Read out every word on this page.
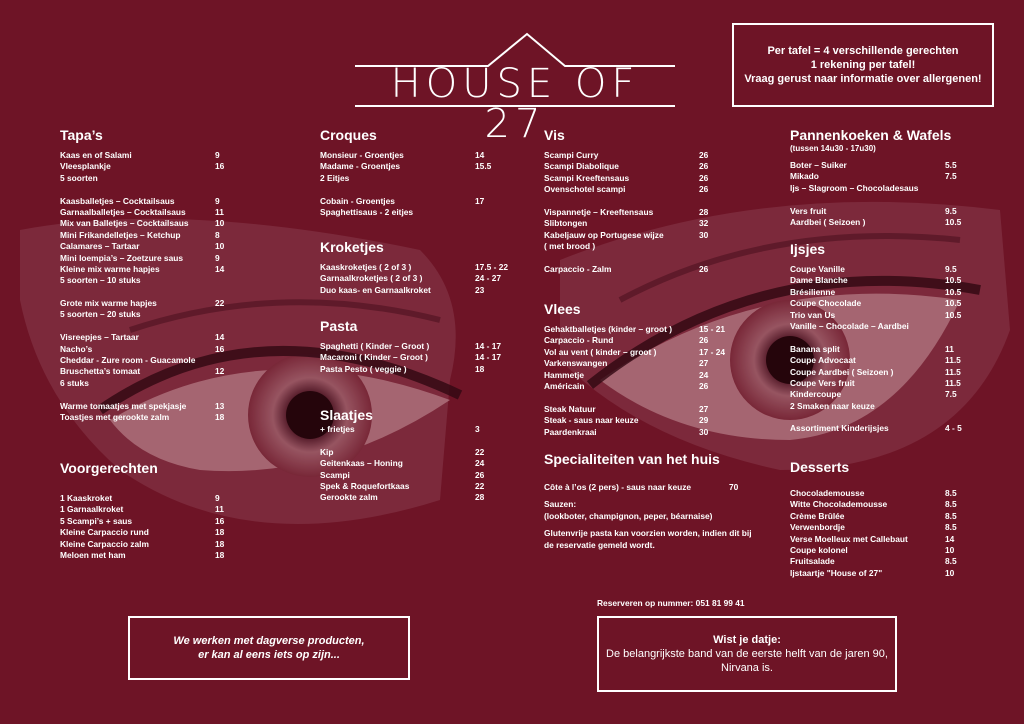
HOUSE OF 27
Per tafel = 4 verschillende gerechten
1 rekening per tafel!
Vraag gerust naar informatie over allergenen!
Tapa’s
Kaas en of Salami	9
Vleesplankje	16
5 soorten
Kaasballetjes – Cocktailsaus	9
Garnaalballetjes – Cocktailsaus	11
Mix van Balletjes – Cocktailsaus	10
Mini Frikandelletjes – Ketchup	8
Calamares – Tartaar	10
Mini loempia’s – Zoetzure saus	9
Kleine mix warme hapjes	14
5 soorten – 10 stuks
Grote mix warme hapjes	22
5 soorten – 20 stuks
Visreepjes – Tartaar	14
Nacho’s	16
Cheddar - Zure room - Guacamole
Bruschetta’s tomaat	12
6 stuks
Warme tomaatjes met spekjasje	13
Toastjes met gerookte zalm	18
Voorgerechten
1 Kaaskroket	9
1 Garnaalkroket	11
5 Scampi’s + saus	16
Kleine Carpaccio rund	18
Kleine Carpaccio zalm	18
Meloen met ham	18
Croques
Monsieur - Groentjes	14
Madame - Groentjes	15.5
2 Eitjes
Cobain - Groentjes	17
Spaghettisaus - 2 eitjes
Kroketjes
Kaaskroketjes ( 2 of 3 )	17.5 - 22
Garnaalkroketjes ( 2 of 3 )	24 - 27
Duo kaas- en Garnaalkroket	23
Pasta
Spaghetti ( Kinder – Groot )	14 - 17
Macaroni ( Kinder – Groot )	14 - 17
Pasta Pesto ( veggie )	18
Slaatjes
+ frietjes	3
Kip	22
Geitenkaas – Honing	24
Scampi	26
Spek & Roquefortkaas	22
Gerookte zalm	28
Vis
Scampi Curry	26
Scampi Diabolique	26
Scampi Kreeftensaus	26
Ovenschotel scampi	26
Vispannetje – Kreeftensaus	28
Slibtongen	32
Kabeljauw op Portugese wijze	30
( met brood )
Carpaccio - Zalm	26
Vlees
Gehaktballetjes (kinder – groot )	15 - 21
Carpaccio - Rund	26
Vol au vent ( kinder – groot )	17 - 24
Varkenswangen	27
Hammetje	24
Américain	26
Steak Natuur	27
Steak - saus naar keuze	29
Paardenkraai	30
Specialiteiten van het huis
Côte à l’os (2 pers) - saus naar keuze	70
Sauzen:
(lookboter, champignon, peper, béarnaise)
Glutenvrije pasta kan voorzien worden, indien dit bij
de reservatie gemeld wordt.
Pannenkoeken & Wafels
(tussen 14u30 - 17u30)
Boter – Suiker	5.5
Mikado	7.5
Ijs – Slagroom – Chocoladesaus
Vers fruit	9.5
Aardbei ( Seizoen )	10.5
Ijsjes
Coupe Vanille	9.5
Dame Blanche	10.5
Brésilienne	10.5
Coupe Chocolade	10.5
Trio van Us	10.5
Vanille – Chocolade – Aardbei
Banana split	11
Coupe Advocaat	11.5
Coupe Aardbei ( Seizoen )	11.5
Coupe Vers fruit	11.5
Kindercoupe	7.5
2 Smaken naar keuze
Assortiment Kinderijsjes	4 - 5
Desserts
Chocolademousse	8.5
Witte Chocolademousse	8.5
Crème Brûlée	8.5
Verwenbordje	8.5
Verse Moelleux met Callebaut	14
Coupe kolonel	10
Fruitsalade	8.5
Ijstaartje "House of 27"	10
Reserveren op nummer: 051 81 99 41
We werken met dagverse producten,
er kan al eens iets op zijn...
Wist je datje:
De belangrijkste band van de eerste helft van de jaren 90,
Nirvana is.
